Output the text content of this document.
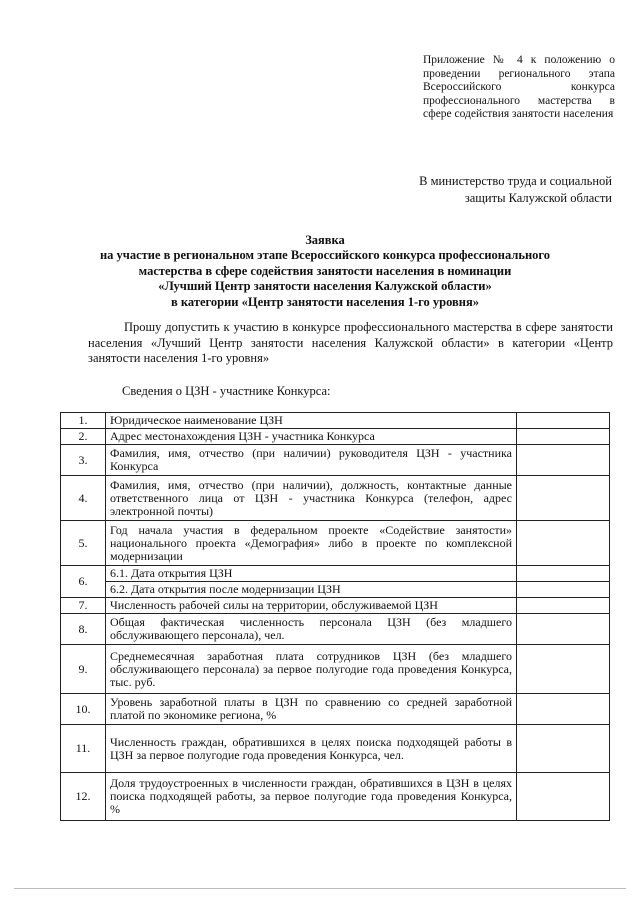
Приложение № 4 к положению о проведении регионального этапа Всероссийского конкурса профессионального мастерства в сфере содействия занятости населения
В министерство труда и социальной
защиты Калужской области
Заявка
на участие в региональном этапе Всероссийского конкурса профессионального
мастерства в сфере содействия занятости населения в номинации
«Лучший Центр занятости населения Калужской области»
в категории «Центр занятости населения 1-го уровня»
Прошу допустить к участию в конкурсе профессионального мастерства в сфере занятости населения «Лучший Центр занятости населения Калужской области» в категории «Центр занятости населения 1-го уровня»
Сведения о ЦЗН - участнике Конкурса:
1.	Юридическое наименование ЦЗН	
2.	Адрес местонахождения ЦЗН - участника Конкурса	
3.	Фамилия, имя, отчество (при наличии) руководителя ЦЗН - участника Конкурса	
4.	Фамилия, имя, отчество (при наличии), должность, контактные данные ответственного лица от ЦЗН - участника Конкурса (телефон, адрес электронной почты)	
5.	Год начала участия в федеральном проекте «Содействие занятости» национального проекта «Демография» либо в проекте по комплексной модернизации	
6.	6.1. Дата открытия ЦЗН	
	6.2. Дата открытия после модернизации ЦЗН	
7.	Численность рабочей силы на территории, обслуживаемой ЦЗН	
8.	Общая фактическая численность персонала ЦЗН (без младшего обслуживающего персонала), чел.	
9.	Среднемесячная заработная плата сотрудников ЦЗН (без младшего обслуживающего персонала) за первое полугодие года проведения Конкурса, тыс. руб.	
10.	Уровень заработной платы в ЦЗН по сравнению со средней заработной платой по экономике региона, %	
11.	Численность граждан, обратившихся в целях поиска подходящей работы в ЦЗН за первое полугодие года проведения Конкурса, чел.	
12.	Доля трудоустроенных в численности граждан, обратившихся в ЦЗН в целях поиска подходящей работы, за первое полугодие года проведения Конкурса, %	
